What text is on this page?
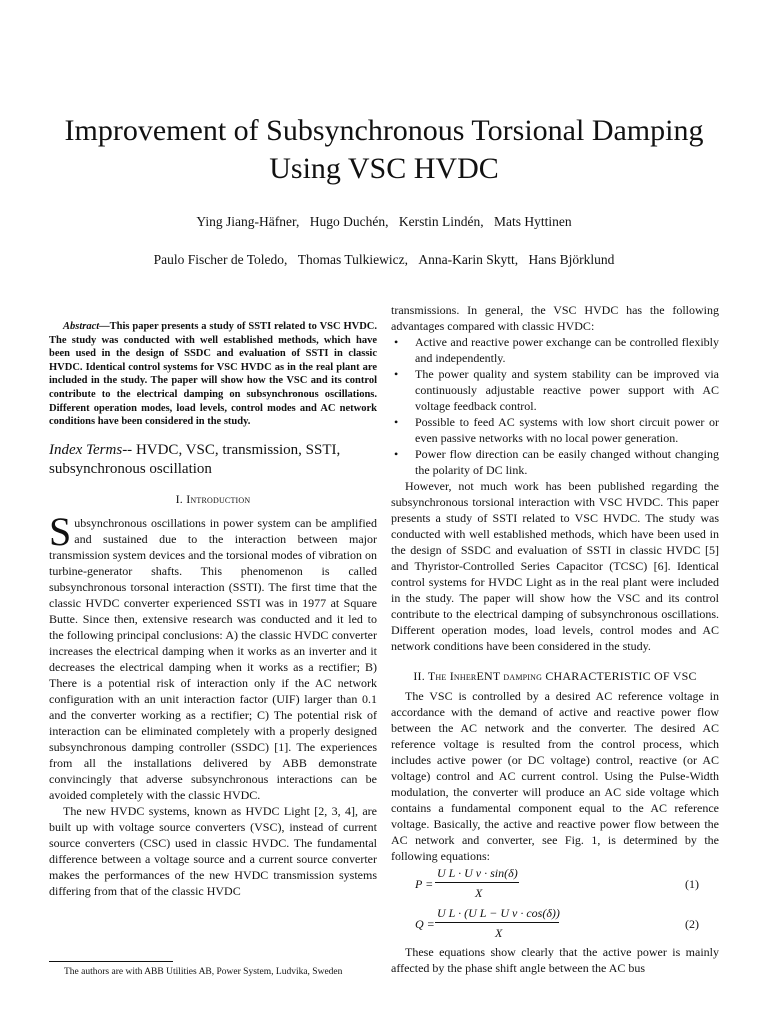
Improvement of Subsynchronous Torsional Damping Using VSC HVDC
Ying Jiang-Häfner, Hugo Duchén, Kerstin Lindén, Mats Hyttinen
Paulo Fischer de Toledo, Thomas Tulkiewicz, Anna-Karin Skytt, Hans Björklund

Abstract—This paper presents a study of SSTI related to VSC HVDC. The study was conducted with well established methods, which have been used in the design of SSDC and evaluation of SSTI in classic HVDC. Identical control systems for VSC HVDC as in the real plant are included in the study. The paper will show how the VSC and its control contribute to the electrical damping on subsynchronous oscillations. Different operation modes, load levels, control modes and AC network conditions have been considered in the study.

Index Terms-- HVDC, VSC, transmission, SSTI, subsynchronous oscillation

I. Introduction

Subsynchronous oscillations in power system can be amplified and sustained due to the interaction between major transmission system devices and the torsional modes of vibration on turbine-generator shafts. This phenomenon is called subsynchronous torsonal interaction (SSTI). The first time that the classic HVDC converter experienced SSTI was in 1977 at Square Butte. Since then, extensive research was conducted and it led to the following principal conclusions: A) the classic HVDC converter increases the electrical damping when it works as an inverter and it decreases the electrical damping when it works as a rectifier; B) There is a potential risk of interaction only if the AC network configuration with an unit interaction factor (UIF) larger than 0.1 and the converter working as a rectifier; C) The potential risk of interaction can be eliminated completely with a properly designed subsynchronous damping controller (SSDC) [1]. The experiences from all the installations delivered by ABB demonstrate convincingly that adverse subsynchronous interactions can be avoided completely with the classic HVDC.

The new HVDC systems, known as HVDC Light [2, 3, 4], are built up with voltage source converters (VSC), instead of current source converters (CSC) used in classic HVDC. The fundamental difference between a voltage source and a current source converter makes the performances of the new HVDC transmission systems differing from that of the classic HVDC

transmissions. In general, the VSC HVDC has the following advantages compared with classic HVDC:

• Active and reactive power exchange can be controlled flexibly and independently.
• The power quality and system stability can be improved via continuously adjustable reactive power support with AC voltage feedback control.
• Possible to feed AC systems with low short circuit power or even passive networks with no local power generation.
• Power flow direction can be easily changed without changing the polarity of DC link.

However, not much work has been published regarding the subsynchronous torsional interaction with VSC HVDC. This paper presents a study of SSTI related to VSC HVDC. The study was conducted with well established methods, which have been used in the design of SSDC and evaluation of SSTI in classic HVDC [5] and Thyristor-Controlled Series Capacitor (TCSC) [6]. Identical control systems for HVDC Light as in the real plant were included in the study. The paper will show how the VSC and its control contribute to the electrical damping of subsynchronous oscillations. Different operation modes, load levels, control modes and AC network conditions have been considered in the study.

II. The InherENT damping CHARACTERISTIC OF VSC

The VSC is controlled by a desired AC reference voltage in accordance with the demand of active and reactive power flow between the AC network and the converter. The desired AC reference voltage is resulted from the control process, which includes active power (or DC voltage) control, reactive (or AC voltage) control and AC current control. Using the Pulse-Width modulation, the converter will produce an AC side voltage which contains a fundamental component equal to the AC reference voltage. Basically, the active and reactive power flow between the AC network and converter, see Fig. 1, is determined by the following equations:

P =
U L · U v · sin(δ)
X
(1)
Q =
U L · (U L − U v · cos(δ))
X
(2)

These equations show clearly that the active power is mainly affected by the phase shift angle between the AC bus

The authors are with ABB Utilities AB, Power System, Ludvika, Sweden
